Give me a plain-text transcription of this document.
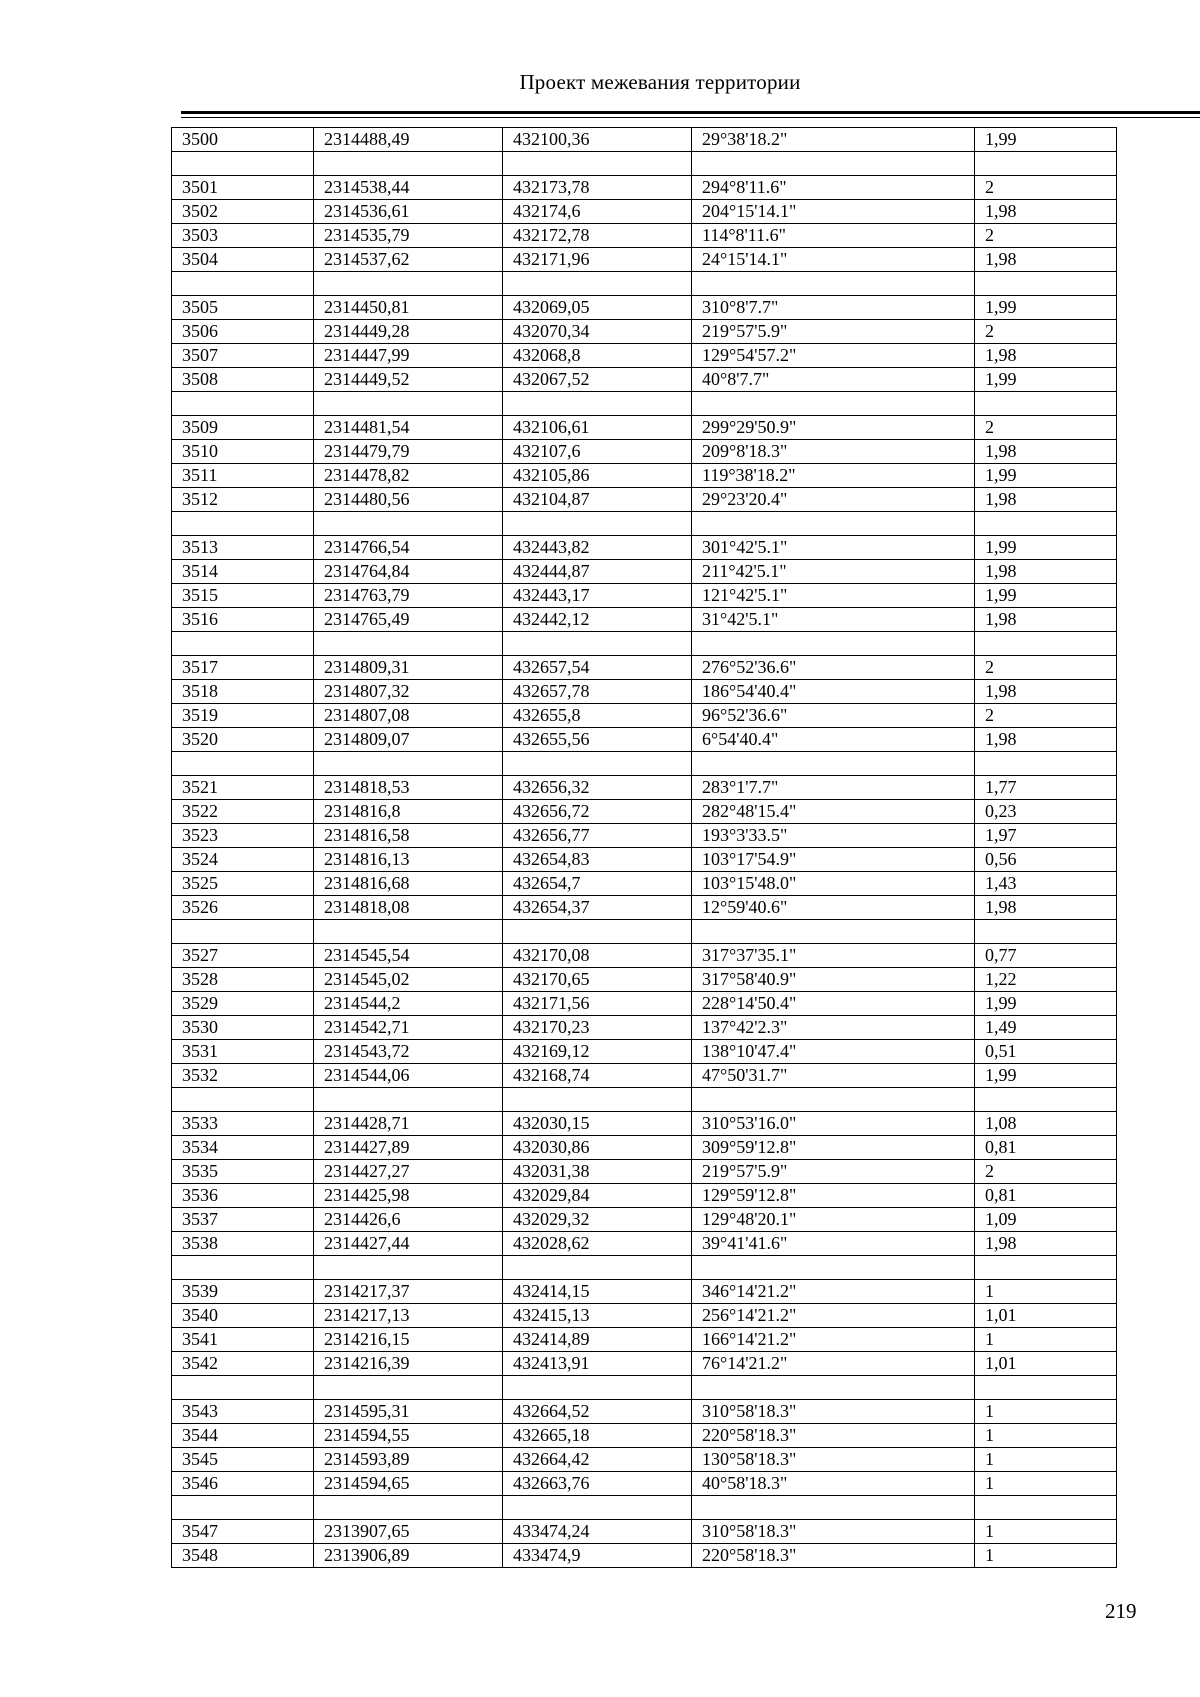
Проект межевания территории
3500	2314488,49	432100,36	29°38'18.2"	1,99

3501	2314538,44	432173,78	294°8'11.6"	2
3502	2314536,61	432174,6	204°15'14.1"	1,98
3503	2314535,79	432172,78	114°8'11.6"	2
3504	2314537,62	432171,96	24°15'14.1"	1,98

3505	2314450,81	432069,05	310°8'7.7"	1,99
3506	2314449,28	432070,34	219°57'5.9"	2
3507	2314447,99	432068,8	129°54'57.2"	1,98
3508	2314449,52	432067,52	40°8'7.7"	1,99

3509	2314481,54	432106,61	299°29'50.9"	2
3510	2314479,79	432107,6	209°8'18.3"	1,98
3511	2314478,82	432105,86	119°38'18.2"	1,99
3512	2314480,56	432104,87	29°23'20.4"	1,98

3513	2314766,54	432443,82	301°42'5.1"	1,99
3514	2314764,84	432444,87	211°42'5.1"	1,98
3515	2314763,79	432443,17	121°42'5.1"	1,99
3516	2314765,49	432442,12	31°42'5.1"	1,98

3517	2314809,31	432657,54	276°52'36.6"	2
3518	2314807,32	432657,78	186°54'40.4"	1,98
3519	2314807,08	432655,8	96°52'36.6"	2
3520	2314809,07	432655,56	6°54'40.4"	1,98

3521	2314818,53	432656,32	283°1'7.7"	1,77
3522	2314816,8	432656,72	282°48'15.4"	0,23
3523	2314816,58	432656,77	193°3'33.5"	1,97
3524	2314816,13	432654,83	103°17'54.9"	0,56
3525	2314816,68	432654,7	103°15'48.0"	1,43
3526	2314818,08	432654,37	12°59'40.6"	1,98

3527	2314545,54	432170,08	317°37'35.1"	0,77
3528	2314545,02	432170,65	317°58'40.9"	1,22
3529	2314544,2	432171,56	228°14'50.4"	1,99
3530	2314542,71	432170,23	137°42'2.3"	1,49
3531	2314543,72	432169,12	138°10'47.4"	0,51
3532	2314544,06	432168,74	47°50'31.7"	1,99

3533	2314428,71	432030,15	310°53'16.0"	1,08
3534	2314427,89	432030,86	309°59'12.8"	0,81
3535	2314427,27	432031,38	219°57'5.9"	2
3536	2314425,98	432029,84	129°59'12.8"	0,81
3537	2314426,6	432029,32	129°48'20.1"	1,09
3538	2314427,44	432028,62	39°41'41.6"	1,98

3539	2314217,37	432414,15	346°14'21.2"	1
3540	2314217,13	432415,13	256°14'21.2"	1,01
3541	2314216,15	432414,89	166°14'21.2"	1
3542	2314216,39	432413,91	76°14'21.2"	1,01

3543	2314595,31	432664,52	310°58'18.3"	1
3544	2314594,55	432665,18	220°58'18.3"	1
3545	2314593,89	432664,42	130°58'18.3"	1
3546	2314594,65	432663,76	40°58'18.3"	1

3547	2313907,65	433474,24	310°58'18.3"	1
3548	2313906,89	433474,9	220°58'18.3"	1
219
